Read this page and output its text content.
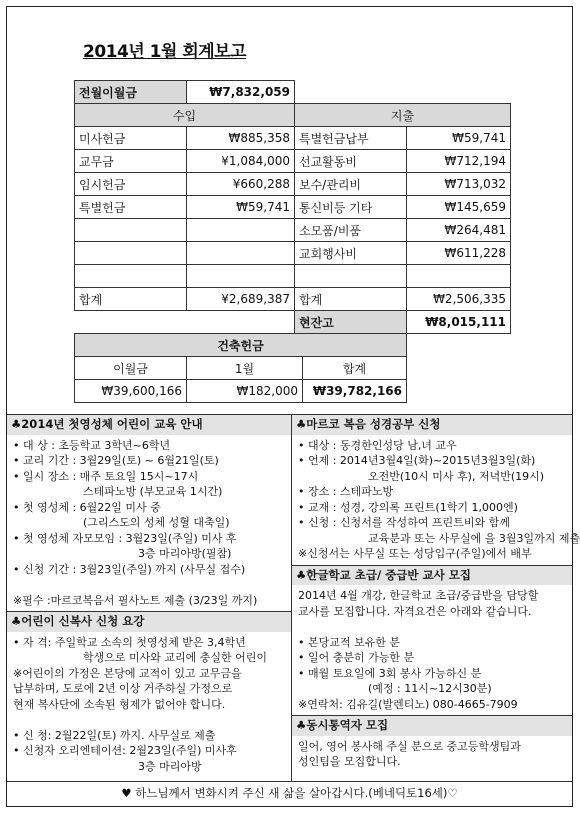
2014년 1월 회계보고
전월이월금	₩7,832,059		
수입		지출	
미사헌금	₩885,358	특별헌금납부	₩59,741
교무금	¥1,084,000	선교활동비	₩712,194
임시헌금	¥660,288	보수/관리비	₩713,032
특별헌금	₩59,741	통신비등 기타	₩145,659
		소모품/비품	₩264,481
		교회행사비	₩611,228

합계	¥2,689,387	합계	₩2,506,335
		현잔고	₩8,015,111
건축헌금		
이월금	1월	합계
₩39,600,166	₩182,000	₩39,782,166
♣2014년 첫영성체 어린이 교육 안내
• 대 상 : 초등학교 3학년~6학년
• 교리 기간 : 3월29일(토) ~ 6월21일(토)
• 일시 장소 : 매주 토요일 15시~17시
스테파노방 (부모교육 1시간)
• 첫 영성체 : 6월22일 미사 중
(그리스도의 성체 성혈 대축일)
• 첫 영성체 자모모임 : 3월23일(주일) 미사 후
3층 마리아방(필참)
• 신청 기간 : 3월23일(주일) 까지 (사무실 접수)

※필수 :마르코복음서 필사노트 제출 (3/23일 까지)
♣어린이 신복사 신청 요강
• 자 격: 주일학교 소속의 첫영성체 받은 3,4학년
학생으로 미사와 교리에 충실한 어린이
※어린이의 가정은 본당에 교적이 있고 교무금을
납부하며, 도로에 2년 이상 거주하실 가정으로
현재 복사단에 소속된 형제가 없어야 합니다.

• 신 청: 2월22일(토) 까지. 사무실로 제출
• 신청자 오리엔테이션: 2월23일(주일) 미사후
3층 마리아방
♣마르코 복음 성경공부 신청
• 대상 : 동경한인성당 남,녀 교우
• 언제 : 2014년3월4일(화)~2015년3월3일(화)
오전반(10시 미사 후), 저녁반(19시)
• 장소 : 스테파노방
• 교재 : 성경, 강의록 프린트(1학기 1,000엔)
• 신청 : 신청서를 작성하여 프린트비와 함께
교육분과 또는 사무실에 을 3월3일까지 제출
※신청서는 사무실 또는 성당입구(주일)에서 배부
♣한글학교 초급/ 중급반 교사 모집
2014년 4월 개강, 한글학교 초급/중급반을 담당할
교사를 모집합니다. 자격요건은 아래와 같습니다.

• 본당교적 보유한 분
• 일어 충분히 가능한 분
• 매월 토요일에 3회 봉사 가능하신 분
(예정 : 11시~12시30분)
※연락처: 김유길(발렌티노) 080-4665-7909
♣동시통역자 모집
일어, 영어 봉사해 주실 분으로 중고등학생팀과
성인팀을 모집합니다.
♥ 하느님께서 변화시켜 주신 새 삶을 살아갑시다.(베네딕토16세)♡
